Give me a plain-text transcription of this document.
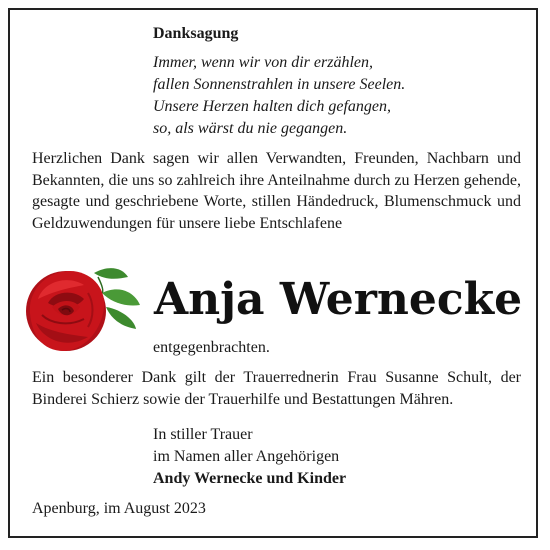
Danksagung
Immer, wenn wir von dir erzählen,
fallen Sonnenstrahlen in unsere Seelen.
Unsere Herzen halten dich gefangen,
so, als wärst du nie gegangen.

Herzlichen Dank sagen wir allen Verwandten, Freunden, Nachbarn und Bekannten, die uns so zahlreich ihre Anteilnahme durch zu Herzen gehende, gesagte und geschriebene Worte, stillen Händedruck, Blumenschmuck und Geldzuwendungen für unsere liebe Entschlafene

Anja Wernecke
entgegenbrachten.

Ein besonderer Dank gilt der Trauerrednerin Frau Susanne Schult, der Binderei Schierz sowie der Trauerhilfe und Bestattungen Mähren.

In stiller Trauer
im Namen aller Angehörigen
Andy Wernecke und Kinder
Apenburg, im August 2023
